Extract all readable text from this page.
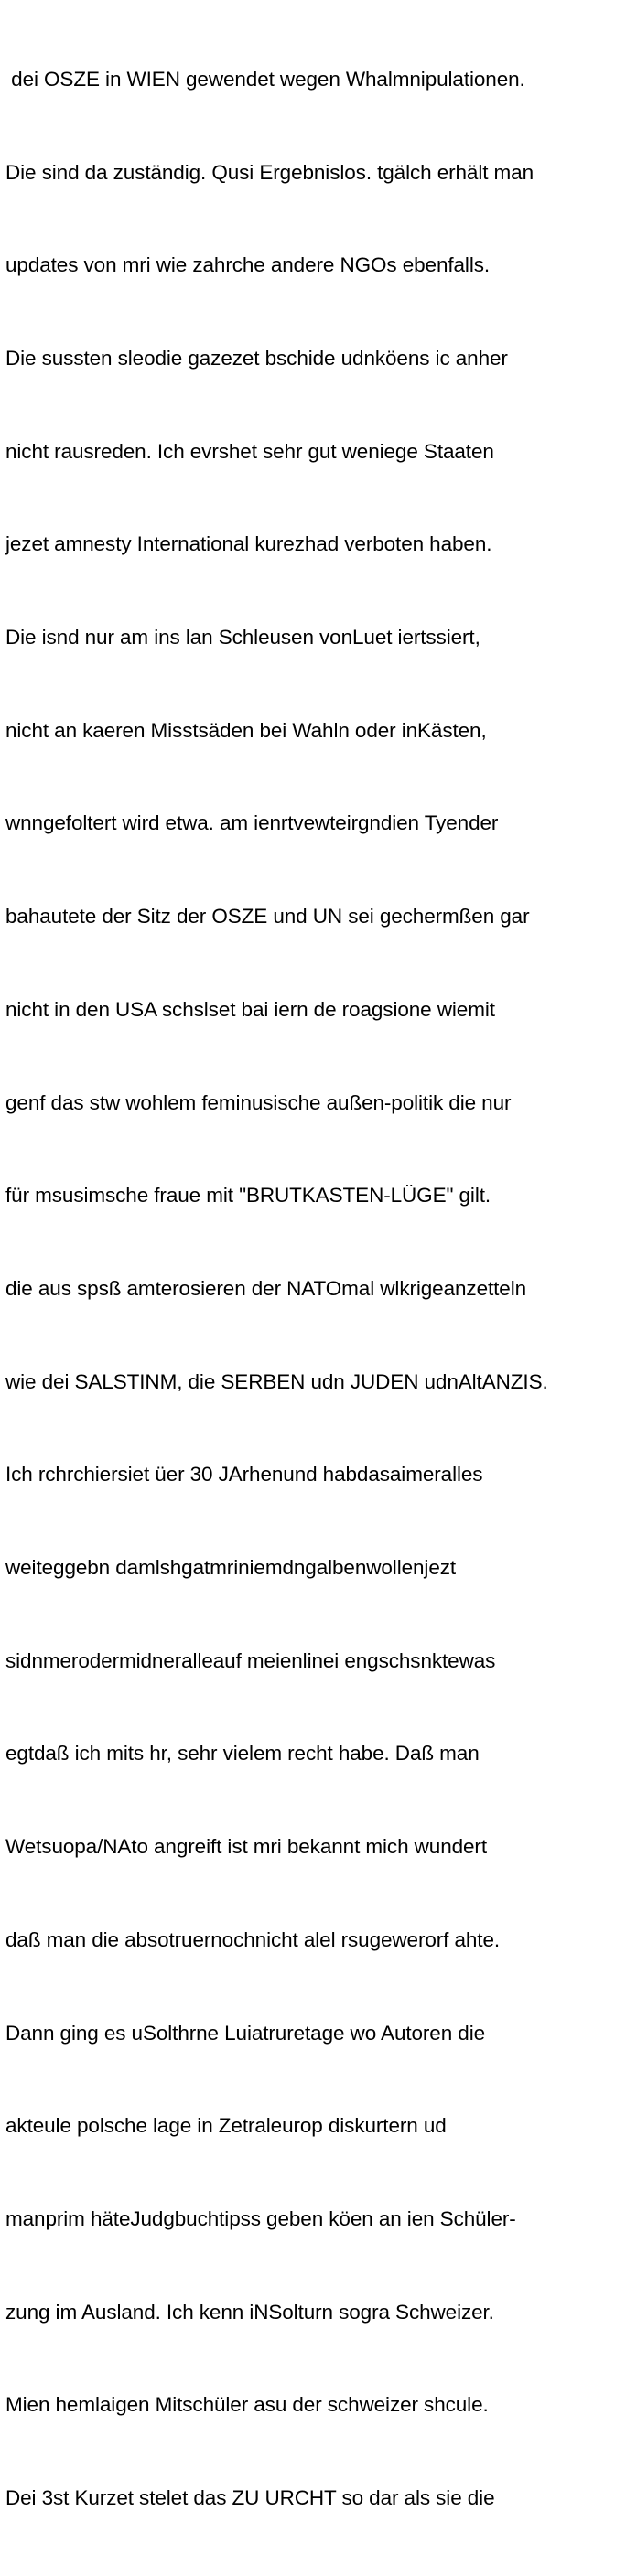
dei OSZE in WIEN gewendet wegen Whalmnipulationen.

Die sind da zuständig. Qusi Ergebnislos. tgälch erhält man

updates von mri wie zahrche andere NGOs ebenfalls.

Die sussten sleodie gazezet bschide udnköens ic anher

nicht rausreden. Ich evrshet sehr gut weniege Staaten

jezet amnesty International kurezhad verboten haben.

Die isnd nur am ins lan Schleusen vonLuet iertssiert,

nicht an kaeren Misstsäden bei Wahln oder inKästen,

wnngefoltert wird etwa. am ienrtvewteirgndien Tyender

bahautete der Sitz der OSZE und UN sei gechermßen gar

nicht in den USA schslset bai iern de roagsione wiemit

genf das stw wohlem feminusische außen-politik die nur

für msusimsche fraue mit "BRUTKASTEN-LÜGE" gilt.

die aus spsß amterosieren der NATOmal wlkrigeanzetteln

wie dei SALSTINM, die SERBEN udn JUDEN udnAltANZIS.

Ich rchrchiersiet üer 30 JArhenund habdasaimeralles

weiteggebn damlshgatmriniemdngalbenwollenjezt

sidnmerodermidneralleauf meienlinei engschsnktewas

egtdaß ich mits hr, sehr vielem recht habe. Daß man

Wetsuopa/NAto angreift ist mri bekannt mich wundert

daß man die absotruernochnicht alel rsugewerorf ahte.

Dann ging es uSolthrne Luiatruretage wo Autoren die

akteule polsche lage in Zetraleurop diskurtern ud

manprim häteJudgbuchtipss geben köen an ien Schüler-

zung im Ausland. Ich kenn iNSolturn sogra Schweizer.

Mien hemlaigen Mitschüler asu der schweizer shcule.

Dei 3st Kurzet stelet das ZU URCHT so dar als sie die
